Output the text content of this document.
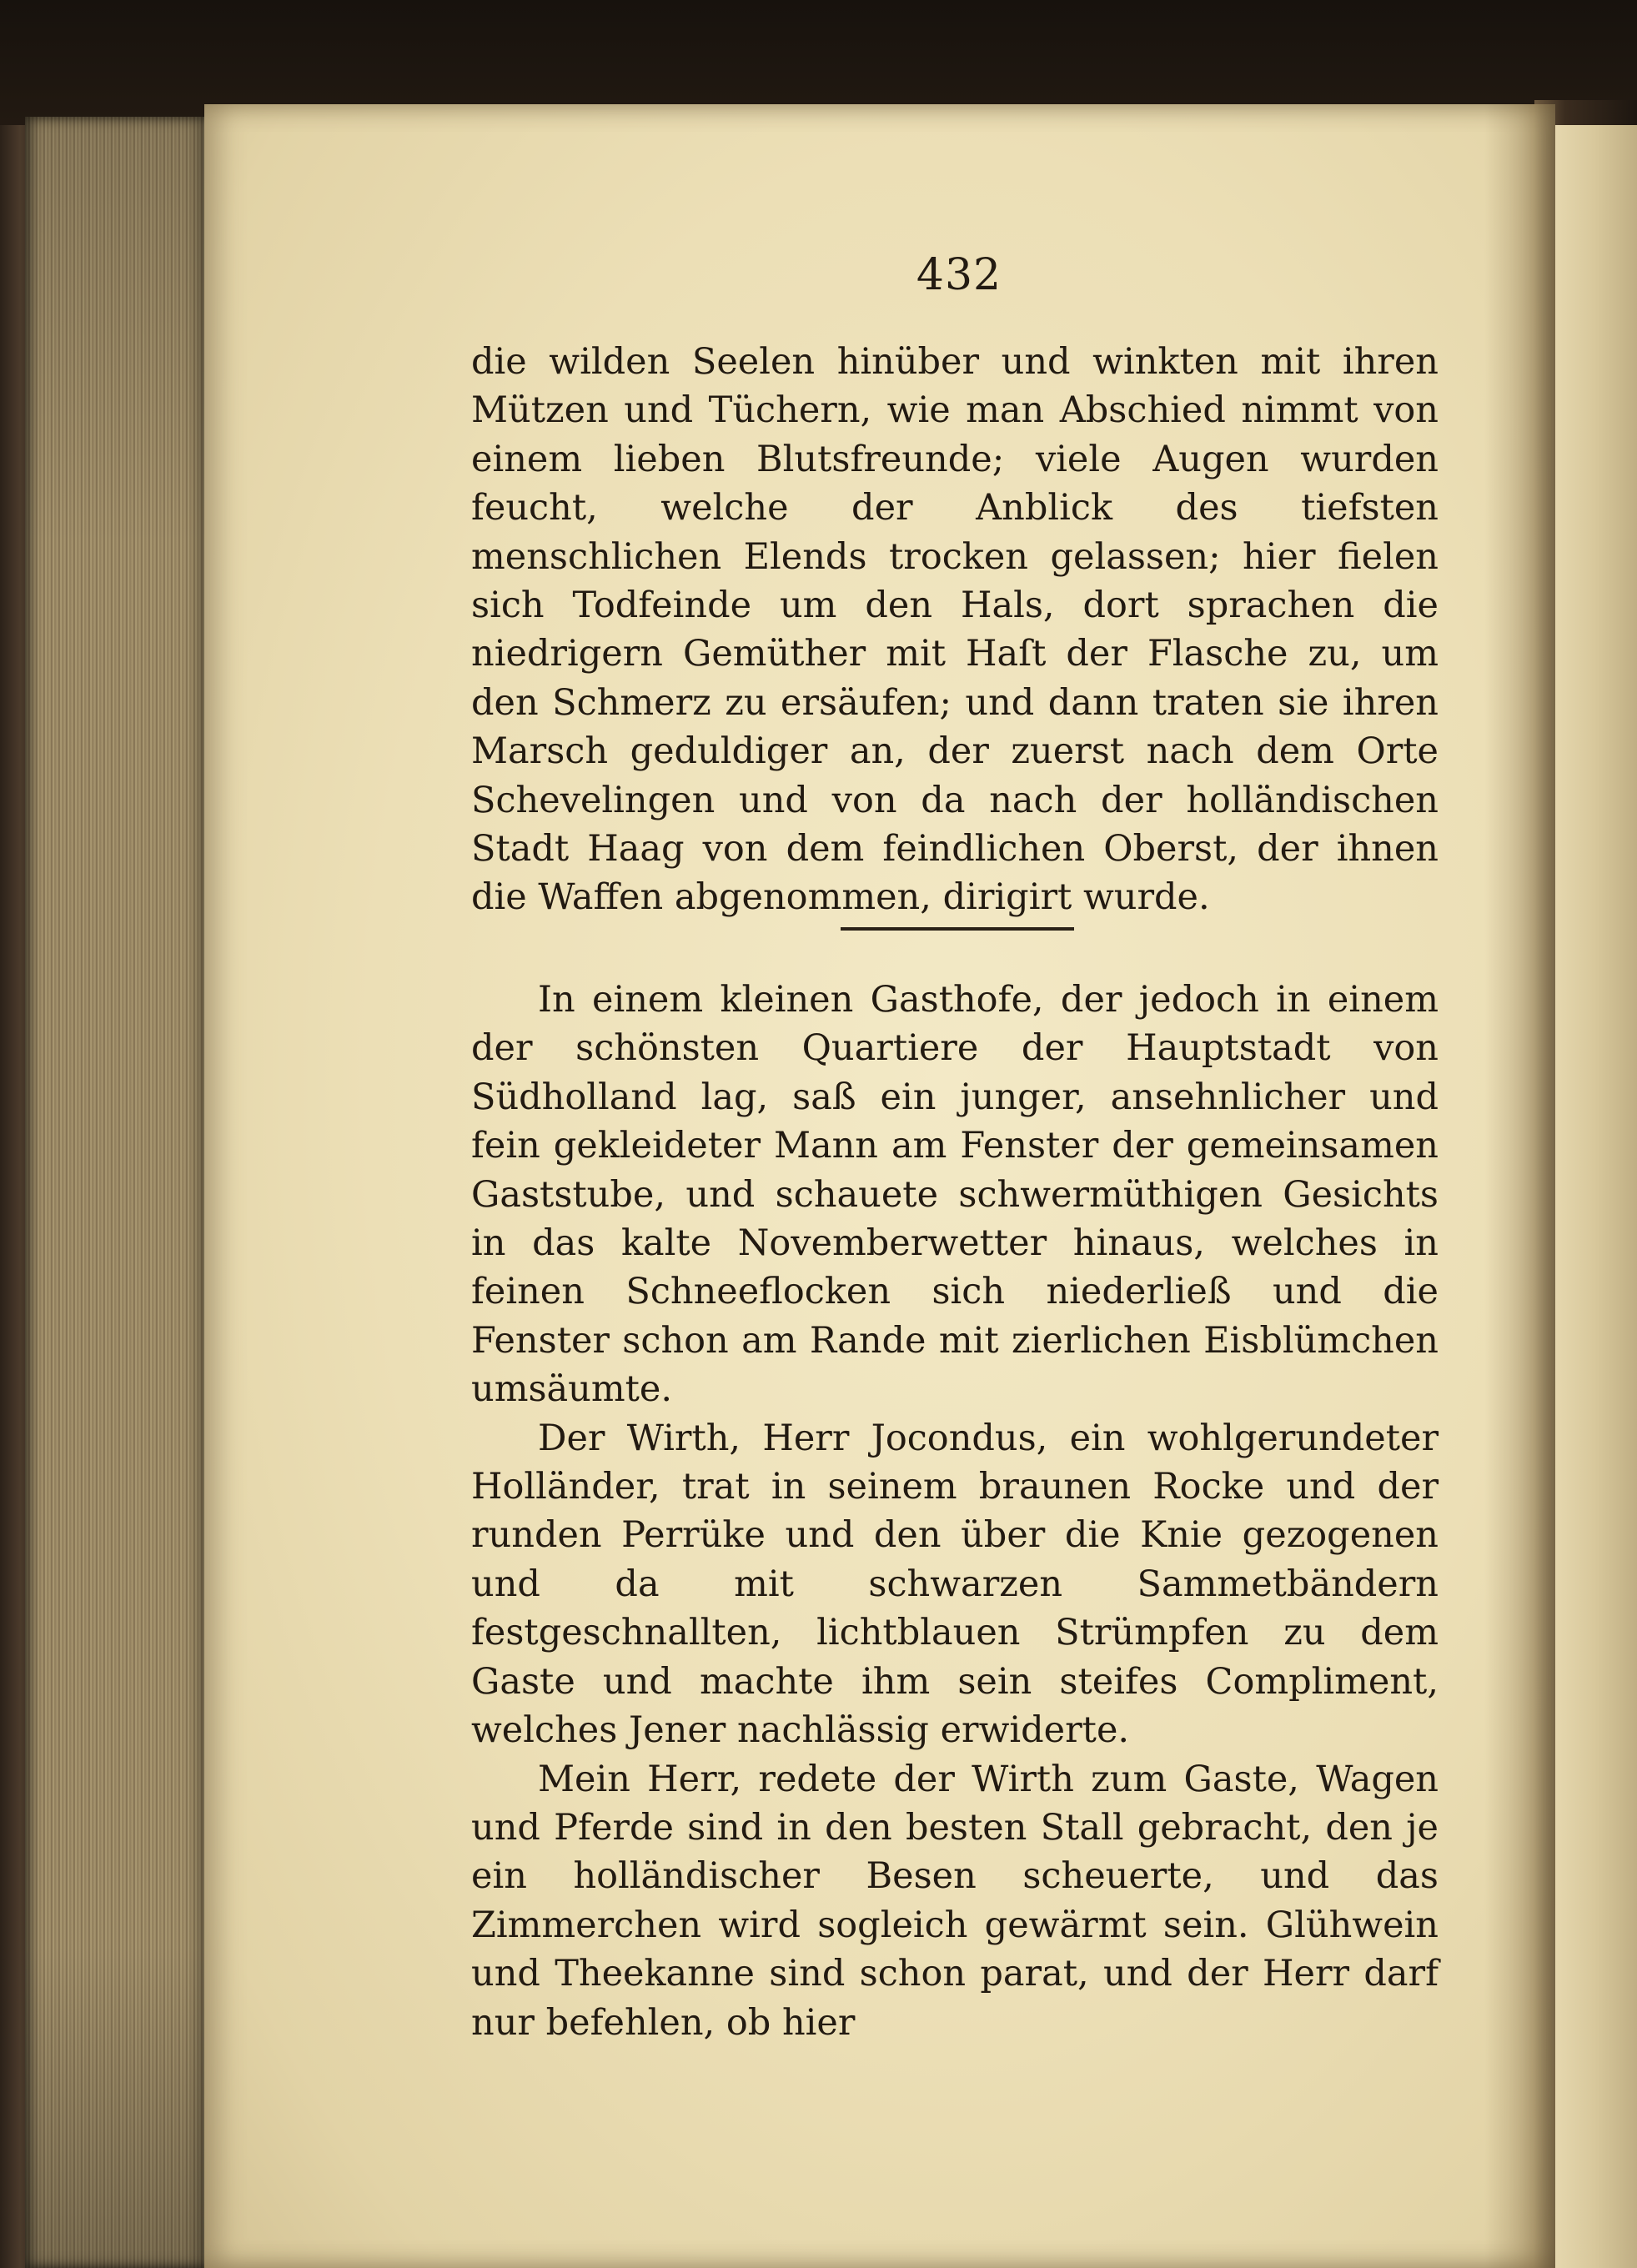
432

die wilden Seelen hinüber und winkten mit ihren Mützen und Tüchern, wie man Abschied nimmt von einem lieben Blutsfreunde; viele Augen wurden feucht, welche der Anblick des tiefsten menschlichen Elends trocken gelassen; hier fielen sich Todfeinde um den Hals, dort sprachen die niedrigern Gemüther mit Haſt der Flasche zu, um den Schmerz zu ersäufen; und dann traten sie ihren Marsch geduldiger an, der zuerst nach dem Orte Schevelingen und von da nach der holländischen Stadt Haag von dem feindlichen Oberst, der ihnen die Waffen abgenommen, dirigirt wurde.

In einem kleinen Gasthofe, der jedoch in einem der schönsten Quartiere der Hauptstadt von Südholland lag, saß ein junger, ansehnlicher und fein gekleideter Mann am Fenster der gemeinsamen Gaststube, und schauete schwermüthigen Gesichts in das kalte Novemberwetter hinaus, welches in feinen Schneeflocken sich niederließ und die Fenster schon am Rande mit zierlichen Eisblümchen umsäumte.

Der Wirth, Herr Jocondus, ein wohlgerundeter Holländer, trat in seinem braunen Rocke und der runden Perrüke und den über die Knie gezogenen und da mit schwarzen Sammetbändern festgeschnallten, lichtblauen Strümpfen zu dem Gaste und machte ihm sein steifes Compliment, welches Jener nachlässig erwiderte.

Mein Herr, redete der Wirth zum Gaste, Wagen und Pferde sind in den besten Stall gebracht, den je ein holländischer Besen scheuerte, und das Zimmerchen wird sogleich gewärmt sein. Glühwein und Theekanne sind schon parat, und der Herr darf nur befehlen, ob hier
